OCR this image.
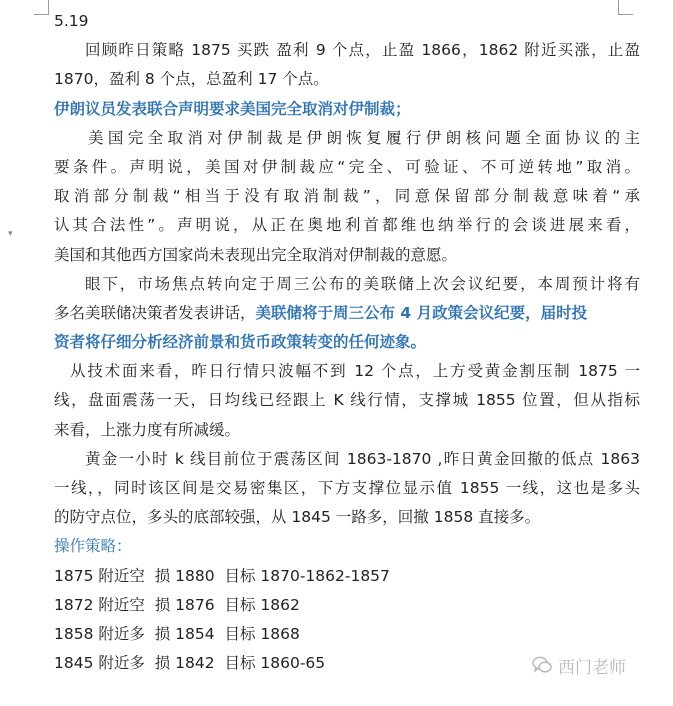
▾
5.19
回顾昨日策略 1875 买跌 盈利 9 个点，止盈 1866，1862 附近买涨，止盈
1870，盈利 8 个点，总盈利 17 个点。
伊朗议员发表联合声明要求美国完全取消对伊制裁；
美国完全取消对伊制裁是伊朗恢复履行伊朗核问题全面协议的主
要条件。声明说，美国对伊制裁应“完全、可验证、不可逆转地”取消。
取消部分制裁“相当于没有取消制裁”，同意保留部分制裁意味着“承
认其合法性”。声明说，从正在奥地利首都维也纳举行的会谈进展来看，
美国和其他西方国家尚未表现出完全取消对伊制裁的意愿。
眼下，市场焦点转向定于周三公布的美联储上次会议纪要，本周预计将有
多名美联储决策者发表讲话，美联储将于周三公布 4 月政策会议纪要，届时投
资者将仔细分析经济前景和货币政策转变的任何迹象。
从技术面来看，昨日行情只波幅不到 12 个点，上方受黄金割压制 1875 一
线，盘面震荡一天，日均线已经跟上 K 线行情，支撑城 1855 位置，但从指标
来看，上涨力度有所减缓。
黄金一小时 k 线目前位于震荡区间 1863-1870 ,昨日黄金回撤的低点 1863
一线，，同时该区间是交易密集区，下方支撑位显示值 1855 一线，这也是多头
的防守点位，多头的底部较强，从 1845 一路多，回撤 1858 直接多。
操作策略：
1875 附近空  损 1880  目标 1870-1862-1857
1872 附近空  损 1876  目标 1862
1858 附近多  损 1854  目标 1868
1845 附近多  损 1842  目标 1860-65	西门老师
